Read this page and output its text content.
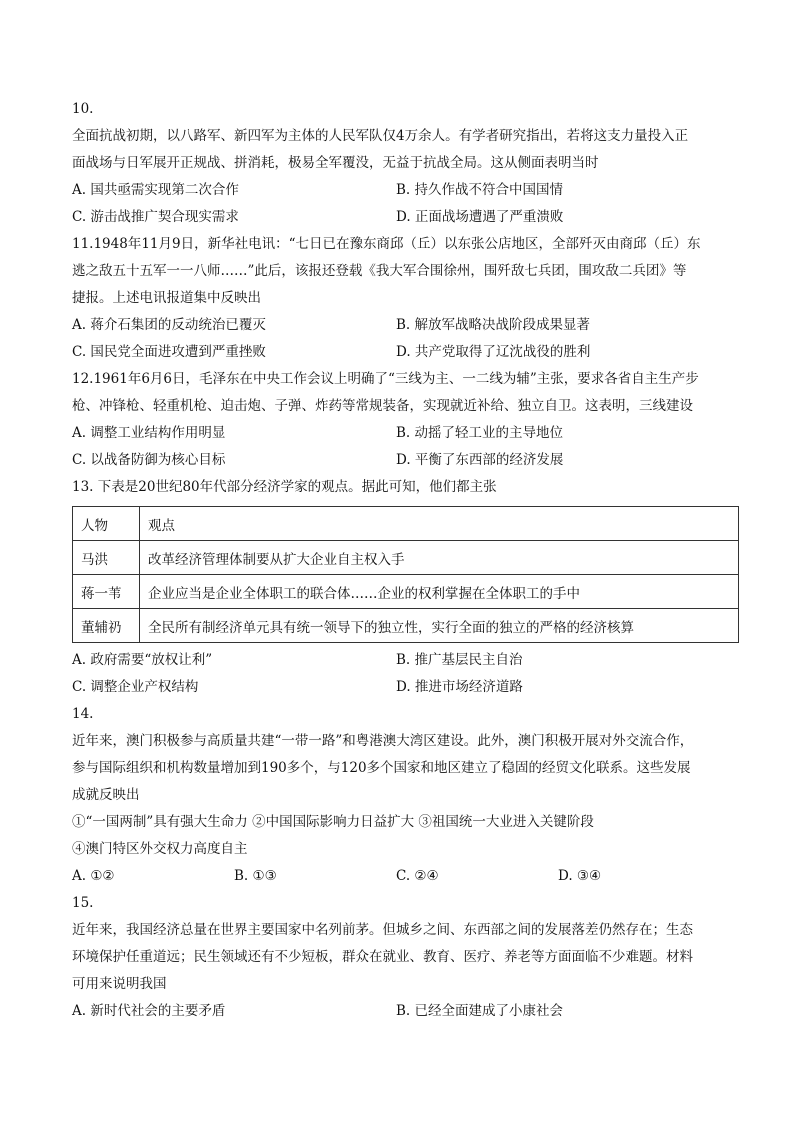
10.
全面抗战初期，以八路军、新四军为主体的人民军队仅4万余人。有学者研究指出，若将这支力量投入正
面战场与日军展开正规战、拼消耗，极易全军覆没，无益于抗战全局。这从侧面表明当时
A. 国共亟需实现第二次合作	B. 持久作战不符合中国国情
C. 游击战推广契合现实需求	D. 正面战场遭遇了严重溃败
11.1948年11月9日，新华社电讯：“七日已在豫东商邱（丘）以东张公店地区，全部歼灭由商邱（丘）东
逃之敌五十五军一一八师……”此后，该报还登载《我大军合围徐州，围歼敌七兵团，围攻敌二兵团》等
捷报。上述电讯报道集中反映出
A. 蒋介石集团的反动统治已覆灭	B. 解放军战略决战阶段成果显著
C. 国民党全面进攻遭到严重挫败	D. 共产党取得了辽沈战役的胜利
12.1961年6月6日，毛泽东在中央工作会议上明确了“三线为主、一二线为辅”主张，要求各省自主生产步
枪、冲锋枪、轻重机枪、迫击炮、子弹、炸药等常规装备，实现就近补给、独立自卫。这表明，三线建设
A. 调整工业结构作用明显	B. 动摇了轻工业的主导地位
C. 以战备防御为核心目标	D. 平衡了东西部的经济发展
13. 下表是20世纪80年代部分经济学家的观点。据此可知，他们都主张
人物	观点
马洪	改革经济管理体制要从扩大企业自主权入手
蒋一苇	企业应当是企业全体职工的联合体……企业的权利掌握在全体职工的手中
董辅礽	全民所有制经济单元具有统一领导下的独立性，实行全面的独立的严格的经济核算
A. 政府需要“放权让利”	B. 推广基层民主自治
C. 调整企业产权结构	D. 推进市场经济道路
14.
近年来，澳门积极参与高质量共建“一带一路”和粤港澳大湾区建设。此外，澳门积极开展对外交流合作，
参与国际组织和机构数量增加到190多个，与120多个国家和地区建立了稳固的经贸文化联系。这些发展
成就反映出
①“一国两制”具有强大生命力 ②中国国际影响力日益扩大 ③祖国统一大业进入关键阶段
④澳门特区外交权力高度自主
A. ①②	B. ①③	C. ②④	D. ③④
15.
近年来，我国经济总量在世界主要国家中名列前茅。但城乡之间、东西部之间的发展落差仍然存在；生态
环境保护任重道远；民生领域还有不少短板，群众在就业、教育、医疗、养老等方面面临不少难题。材料
可用来说明我国
A. 新时代社会的主要矛盾	B. 已经全面建成了小康社会
